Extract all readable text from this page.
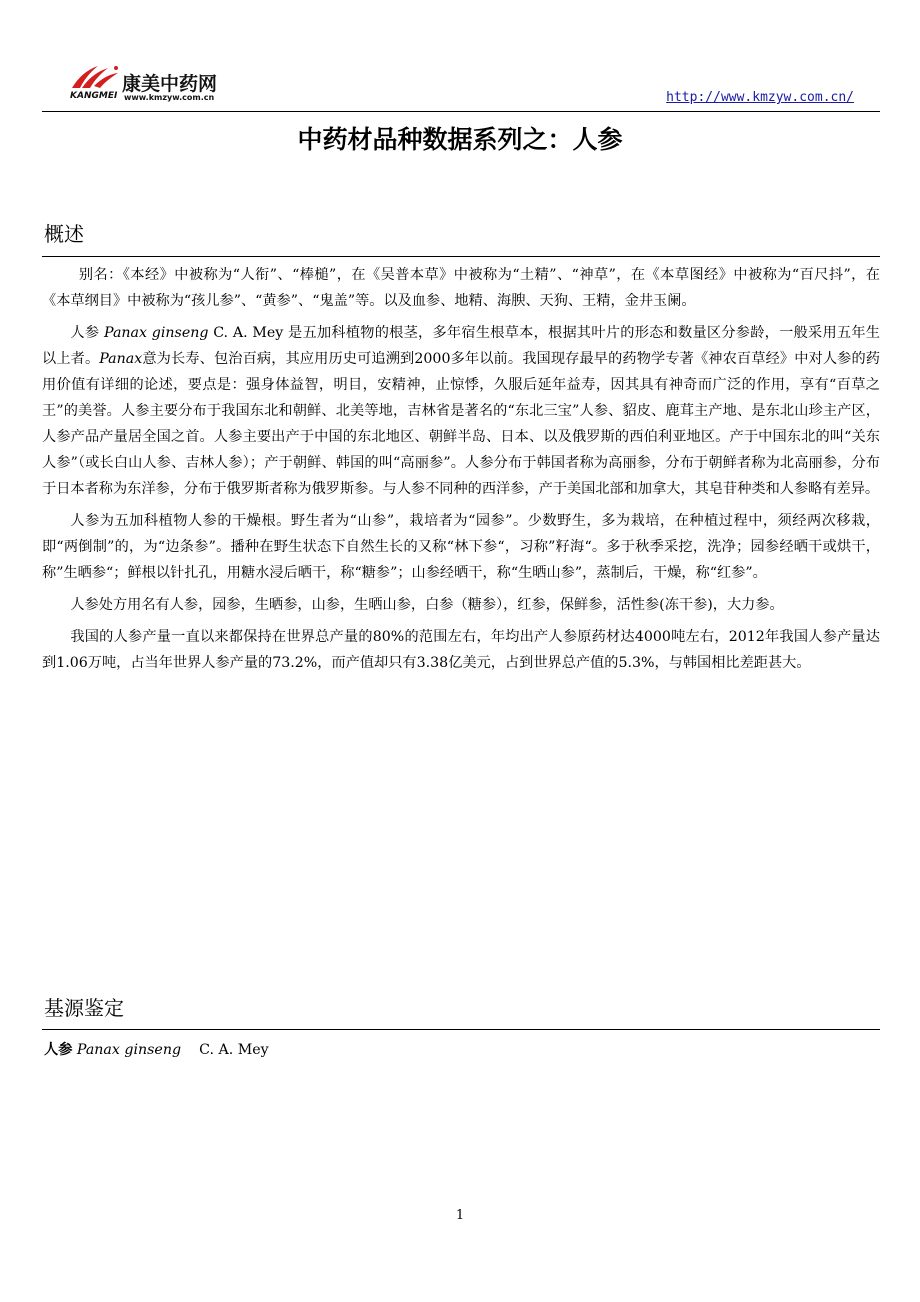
康美中药网
KANGMEI www.kmzyw.com.cn	http://www.kmzyw.com.cn/
中药材品种数据系列之：人参
概述

别名：《本经》中被称为“人衔”、“棒槌”，在《吴普本草》中被称为“土精”、“神草”，在《本草图经》中被称为“百尺抖”，在《本草纲目》中被称为“孩儿参”、“黄参”、“鬼盖”等。以及血参、地精、海腴、天狗、王精，金井玉阑。

人参 Panax ginseng C. A. Mey 是五加科植物的根茎，多年宿生根草本，根据其叶片的形态和数量区分参龄，一般采用五年生以上者。Panax意为长寿、包治百病，其应用历史可追溯到2000多年以前。我国现存最早的药物学专著《神农百草经》中对人参的药用价值有详细的论述，要点是：强身体益智，明目，安精神，止惊悸，久服后延年益寿，因其具有神奇而广泛的作用，享有“百草之王”的美誉。人参主要分布于我国东北和朝鲜、北美等地，吉林省是著名的“东北三宝”人参、貂皮、鹿茸主产地、是东北山珍主产区，人参产品产量居全国之首。人参主要出产于中国的东北地区、朝鲜半岛、日本、以及俄罗斯的西伯利亚地区。产于中国东北的叫“关东人参”（或长白山人参、吉林人参）；产于朝鲜、韩国的叫“高丽参”。人参分布于韩国者称为高丽参，分布于朝鲜者称为北高丽参，分布于日本者称为东洋参，分布于俄罗斯者称为俄罗斯参。与人参不同种的西洋参，产于美国北部和加拿大，其皂苷种类和人参略有差异。

人参为五加科植物人参的干燥根。野生者为“山参”，栽培者为“园参”。少数野生，多为栽培，在种植过程中，须经两次移栽，即“两倒制”的，为“边条参”。播种在野生状态下自然生长的又称“林下参“，习称”籽海“。多于秋季采挖，洗净；园参经晒干或烘干，称”生晒参“；鲜根以针扎孔，用糖水浸后晒干，称“糖参”；山参经晒干，称“生晒山参”，蒸制后，干燥，称“红参”。

人参处方用名有人参，园参，生晒参，山参，生晒山参，白参（糖参），红参，保鲜参，活性参(冻干参)，大力参。

我国的人参产量一直以来都保持在世界总产量的80%的范围左右，年均出产人参原药材达4000吨左右，2012年我国人参产量达到1.06万吨，占当年世界人参产量的73.2%，而产值却只有3.38亿美元，占到世界总产值的5.3%，与韩国相比差距甚大。

基源鉴定
人参 Panax ginseng C. A. Mey
1
